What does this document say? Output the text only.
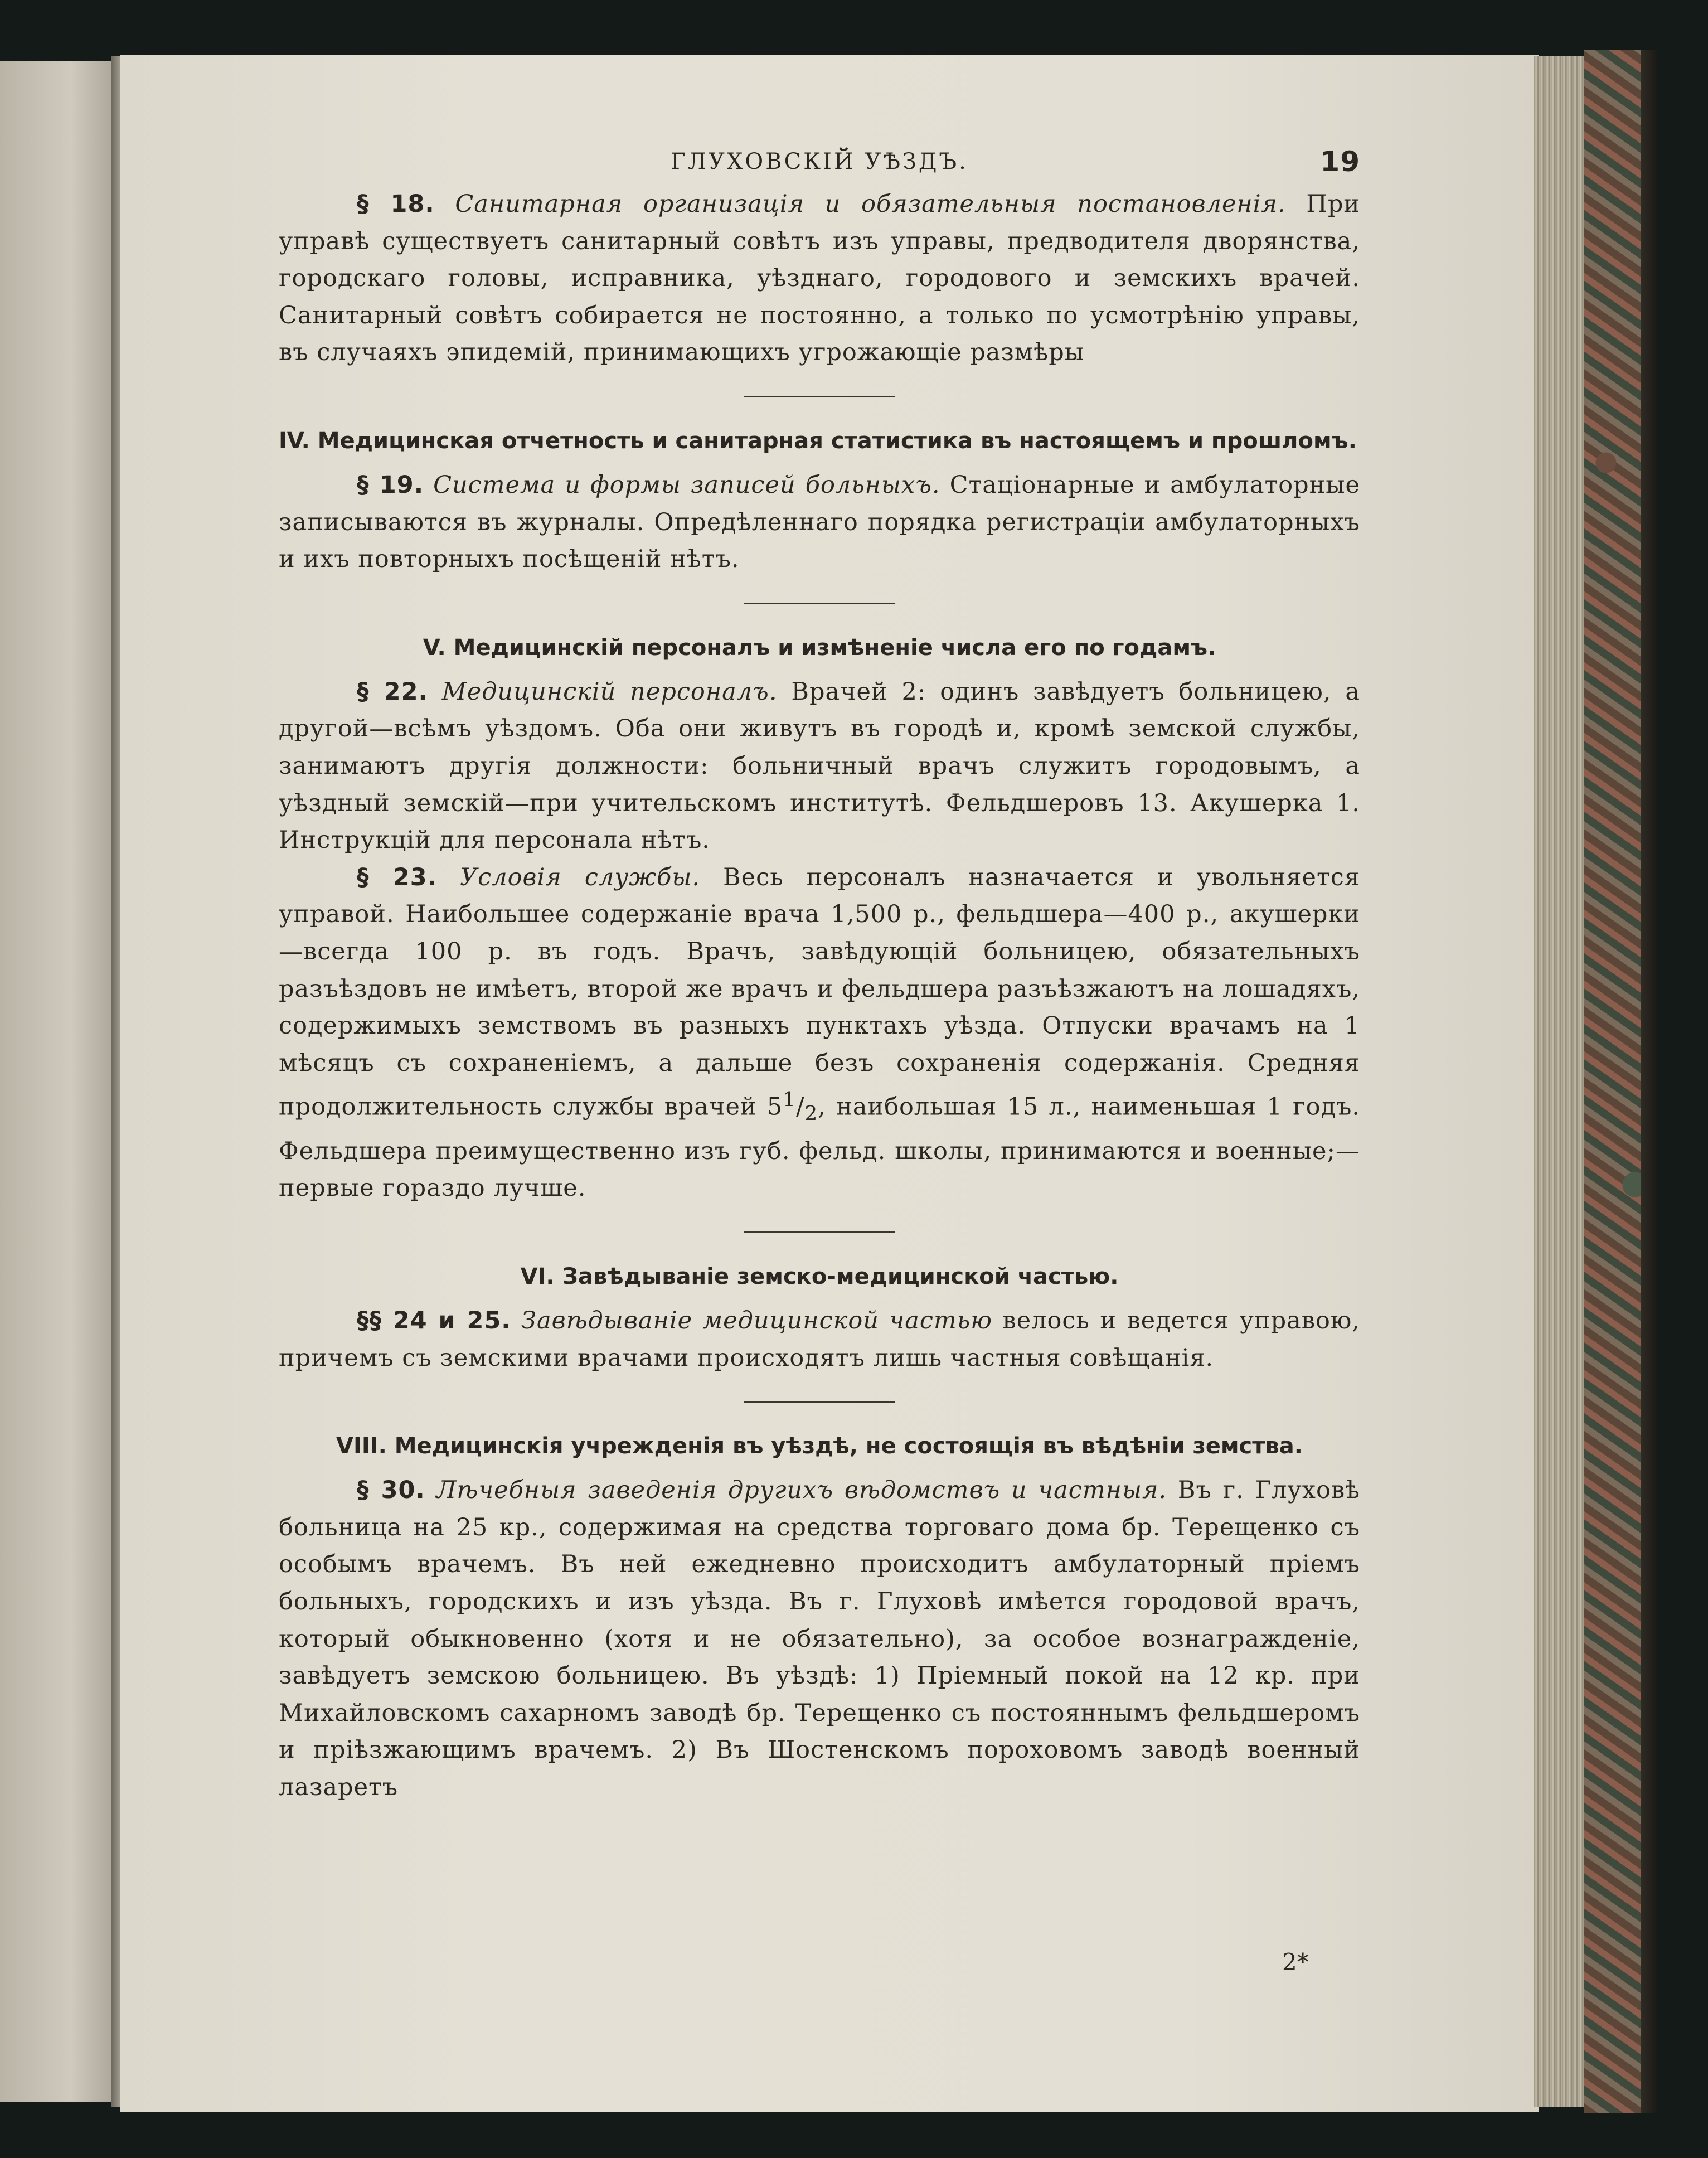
ГЛУХОВСКІЙ УѢЗДЪ.	19

§ 18. Санитарная организація и обязательныя постановленія. При управѣ существуетъ санитарный совѣтъ изъ управы, предводителя дворянства, городскаго головы, исправника, уѣзднаго, городового и земскихъ врачей. Санитарный совѣтъ собирается не постоянно, а только по усмотрѣнію управы, въ случаяхъ эпидемій, принимающихъ угрожающіе размѣры

IV. Медицинская отчетность и санитарная статистика въ настоящемъ и прошломъ.

§ 19. Система и формы записей больныхъ. Стаціонарные и амбулаторные записываются въ журналы. Опредѣленнаго порядка регистраціи амбулаторныхъ и ихъ повторныхъ посѣщеній нѣтъ.

V. Медицинскій персоналъ и измѣненіе числа его по годамъ.

§ 22. Медицинскій персоналъ. Врачей 2: одинъ завѣдуетъ больницею, а другой—всѣмъ уѣздомъ. Оба они живутъ въ городѣ и, кромѣ земской службы, занимаютъ другія должности: больничный врачъ служитъ городовымъ, а уѣздный земскій—при учительскомъ институтѣ. Фельдшеровъ 13. Акушерка 1. Инструкцій для персонала нѣтъ.

§ 23. Условія службы. Весь персоналъ назначается и увольняется управой. Наибольшее содержаніе врача 1,500 р., фельдшера—400 р., акушерки—всегда 100 р. въ годъ. Врачъ, завѣдующій больницею, обязательныхъ разъѣздовъ не имѣетъ, второй же врачъ и фельдшера разъѣзжаютъ на лошадяхъ, содержимыхъ земствомъ въ разныхъ пунктахъ уѣзда. Отпуски врачамъ на 1 мѣсяцъ съ сохраненіемъ, а дальше безъ сохраненія содержанія. Средняя продолжительность службы врачей $5^1/_2$, наибольшая 15 л., наименьшая 1 годъ. Фельдшера преимущественно изъ губ. фельд. школы, принимаются и военные;—первые гораздо лучше.

VI. Завѣдываніе земско-медицинской частью.

§§ 24 и 25. Завѣдываніе медицинской частью велось и ведется управою, причемъ съ земскими врачами происходятъ лишь частныя совѣщанія.

VIII. Медицинскія учрежденія въ уѣздѣ, не состоящія въ вѣдѣніи земства.

§ 30. Лѣчебныя заведенія другихъ вѣдомствъ и частныя. Въ г. Глуховѣ больница на 25 кр., содержимая на средства торговаго дома бр. Терещенко съ особымъ врачемъ. Въ ней ежедневно происходитъ амбулаторный пріемъ больныхъ, городскихъ и изъ уѣзда. Въ г. Глуховѣ имѣется городовой врачъ, который обыкновенно (хотя и не обязательно), за особое вознагражденіе, завѣдуетъ земскою больницею. Въ уѣздѣ: 1) Пріемный покой на 12 кр. при Михайловскомъ сахарномъ заводѣ бр. Терещенко съ постояннымъ фельдшеромъ и пріѣзжающимъ врачемъ. 2) Въ Шостенскомъ пороховомъ заводѣ военный лазаретъ

2*
